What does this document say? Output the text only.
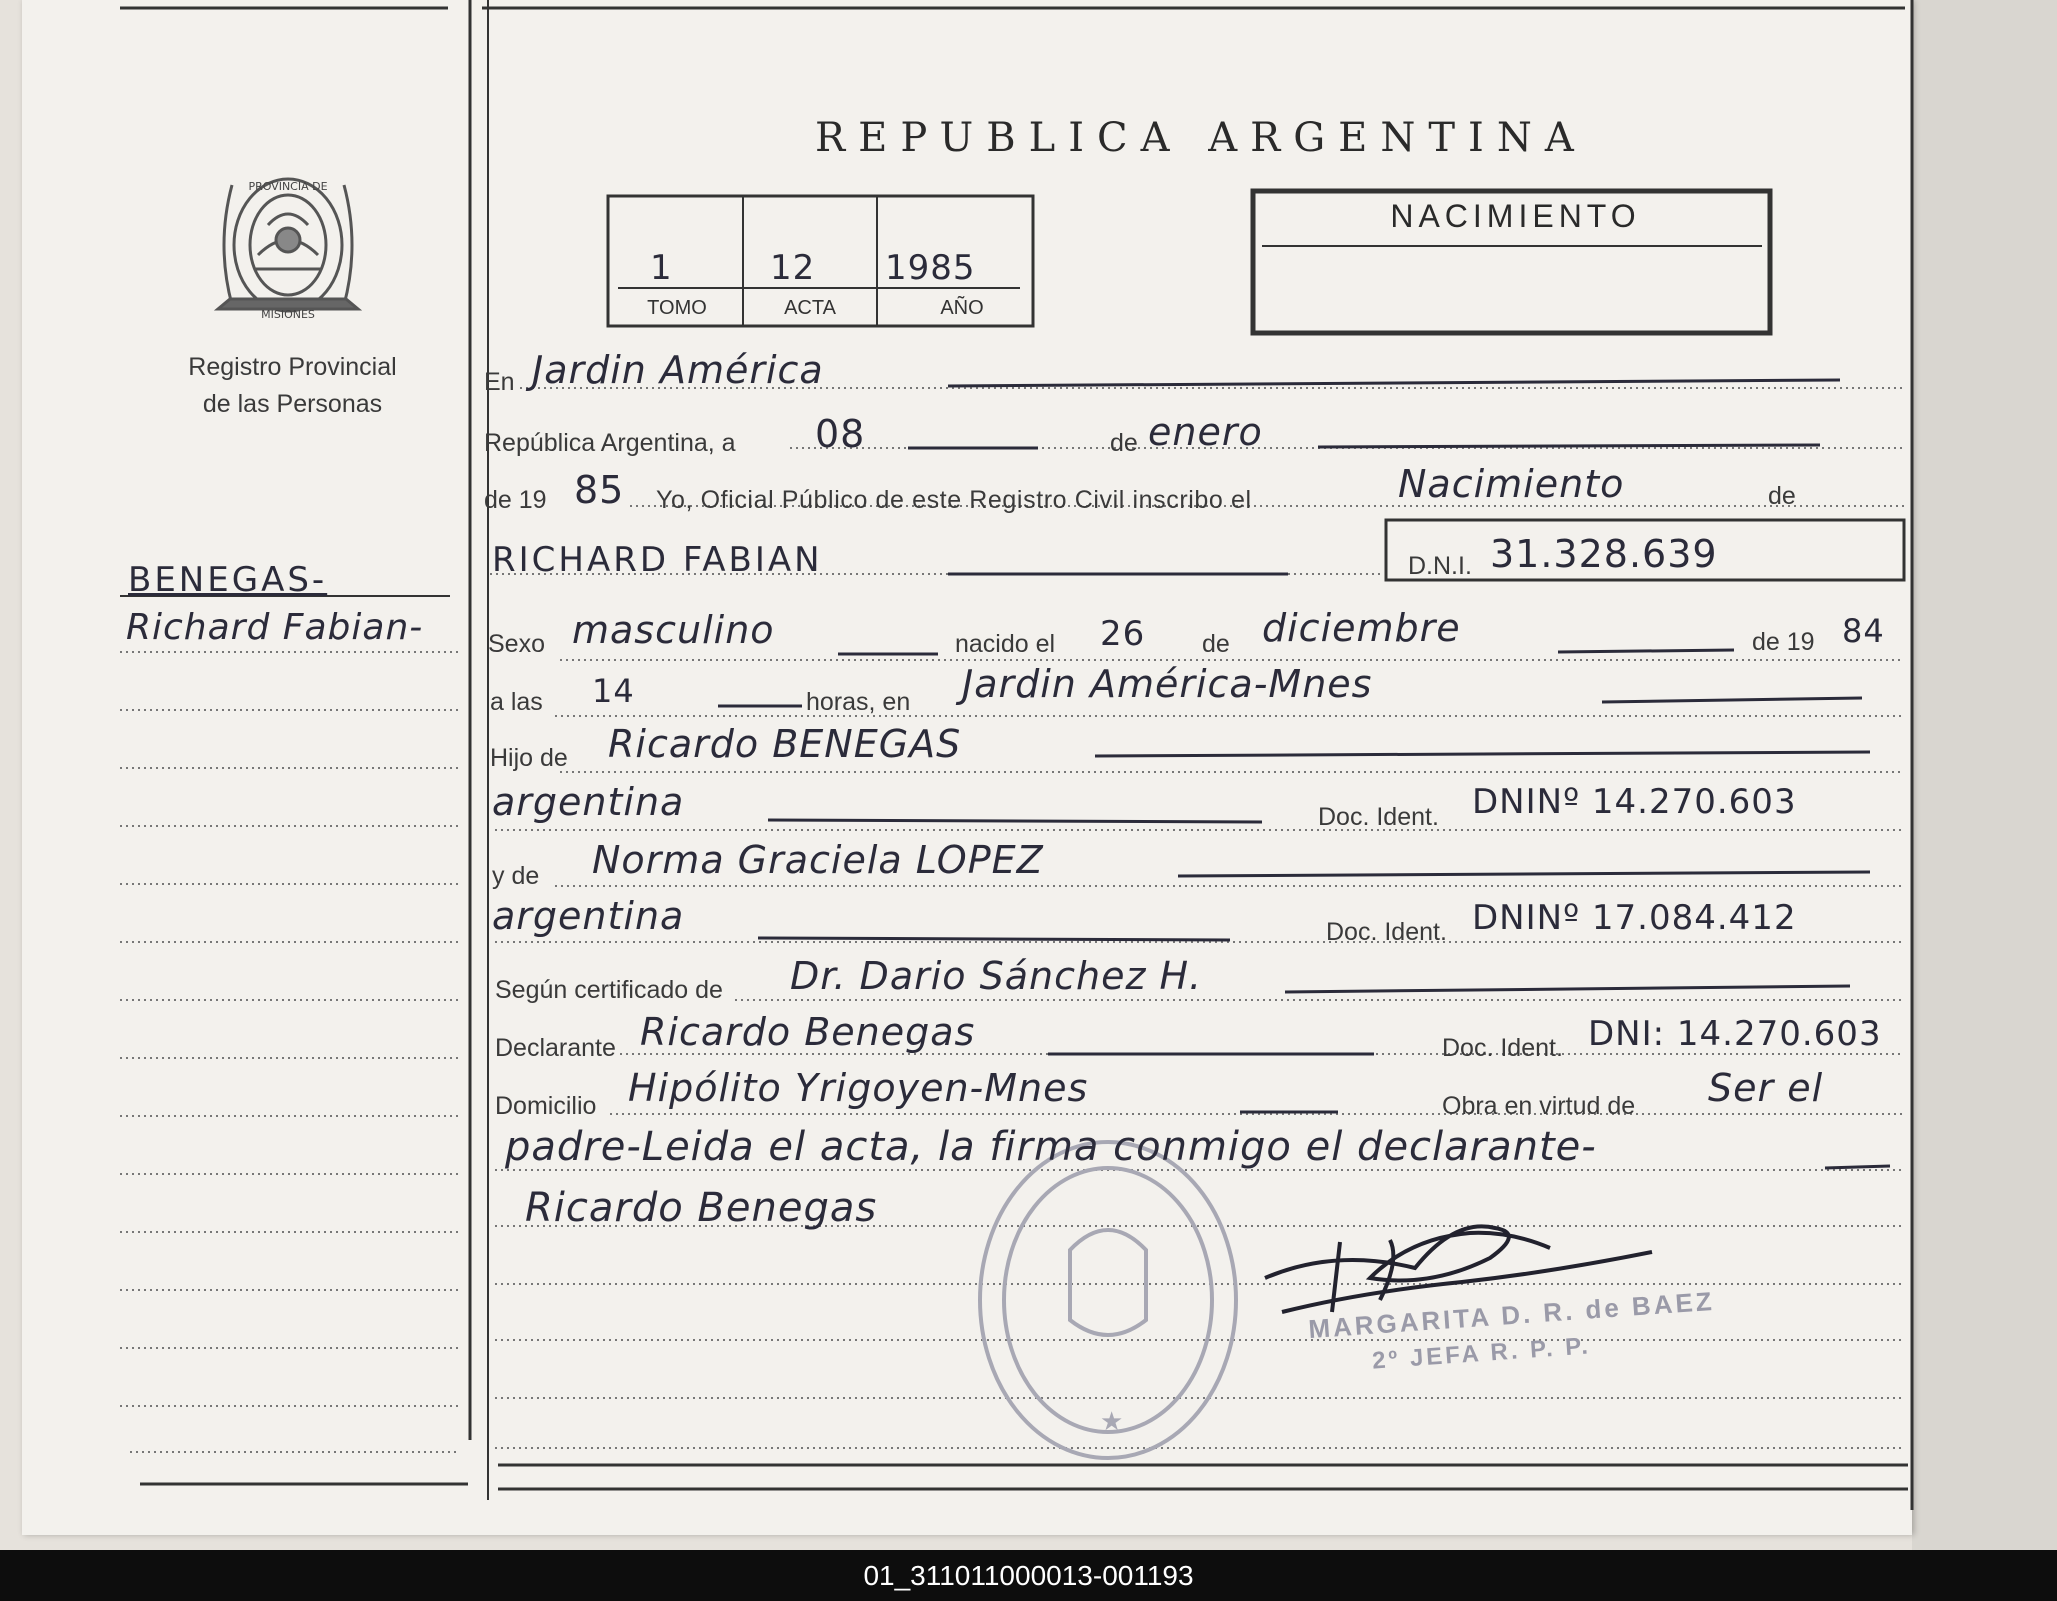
PROVINCIA DE
MISIONES
★
REPUBLICA ARGENTINA
NACIMIENTO
1	12 1985
TOMO	ACTA	AÑO
Registro Provincial
de las Personas
BENEGAS-
Richard Fabian-
En Jardin América
República Argentina, a 08	de enero
de 19 85 Yo, Oficial Público de este Registro Civil inscribo el	Nacimiento	de
RICHARD FABIAN	D.N.I. 31.328.639
Sexo masculino	nacido el 26 de diciembre	de 19 84
a las 14	horas, en Jardin América-Mnes
Hijo de Ricardo BENEGAS
argentina	Doc. Ident. DNINº 14.270.603
y de Norma Graciela LOPEZ
argentina	Doc. Ident. DNINº 17.084.412
Según certificado de Dr. Dario Sánchez H.
Declarante Ricardo Benegas	Doc. Ident. DNI: 14.270.603
Domicilio Hipólito Yrigoyen-Mnes	Obra en virtud de Ser el
padre-Leida el acta, la firma conmigo el declarante-
Ricardo Benegas
MARGARITA D. R. de BAEZ
2º JEFA R. P. P.
01_311011000013-001193
